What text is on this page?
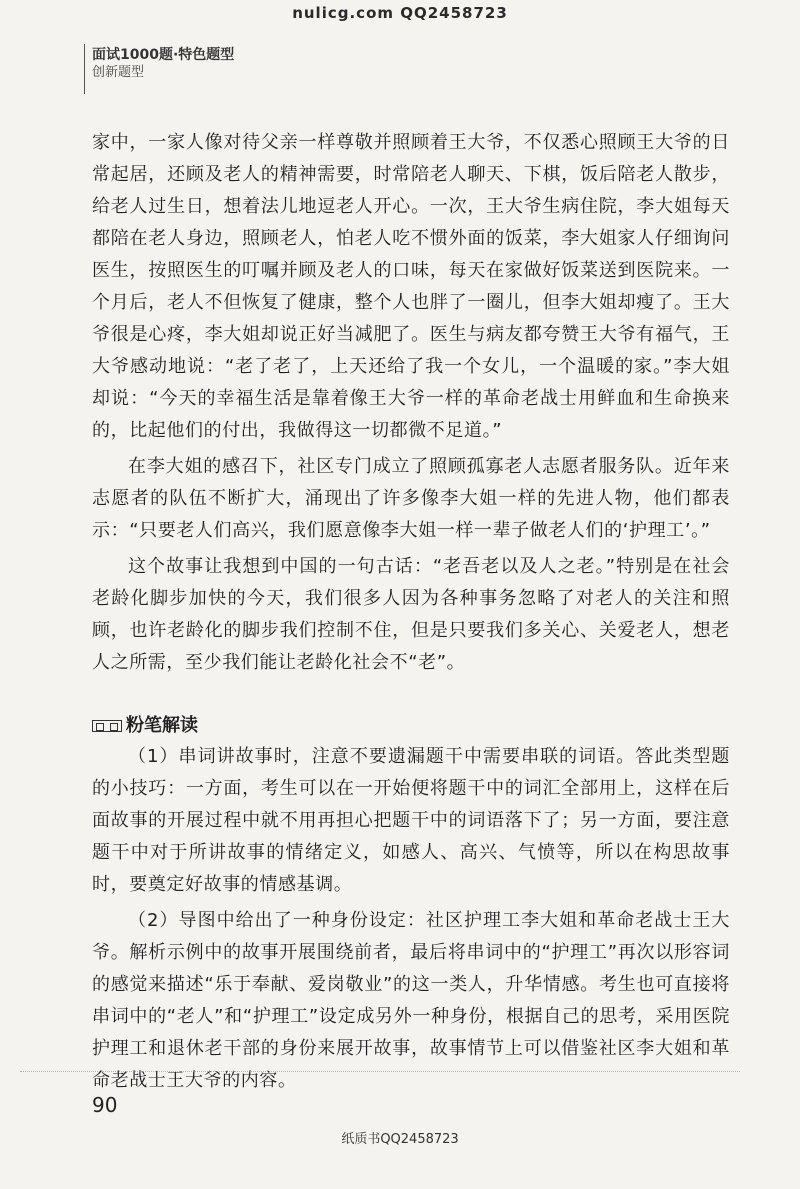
nulicg.com QQ2458723
面试1000题·特色题型
创新题型

家中，一家人像对待父亲一样尊敬并照顾着王大爷，不仅悉心照顾王大爷的日常起居，还顾及老人的精神需要，时常陪老人聊天、下棋，饭后陪老人散步，给老人过生日，想着法儿地逗老人开心。一次，王大爷生病住院，李大姐每天都陪在老人身边，照顾老人，怕老人吃不惯外面的饭菜，李大姐家人仔细询问医生，按照医生的叮嘱并顾及老人的口味，每天在家做好饭菜送到医院来。一个月后，老人不但恢复了健康，整个人也胖了一圈儿，但李大姐却瘦了。王大爷很是心疼，李大姐却说正好当减肥了。医生与病友都夸赞王大爷有福气，王大爷感动地说：“老了老了，上天还给了我一个女儿，一个温暖的家。”李大姐却说：“今天的幸福生活是靠着像王大爷一样的革命老战士用鲜血和生命换来的，比起他们的付出，我做得这一切都微不足道。”

在李大姐的感召下，社区专门成立了照顾孤寡老人志愿者服务队。近年来志愿者的队伍不断扩大，涌现出了许多像李大姐一样的先进人物，他们都表示：“只要老人们高兴，我们愿意像李大姐一样一辈子做老人们的‘护理工’。”

这个故事让我想到中国的一句古话：“老吾老以及人之老。”特别是在社会老龄化脚步加快的今天，我们很多人因为各种事务忽略了对老人的关注和照顾，也许老龄化的脚步我们控制不住，但是只要我们多关心、关爱老人，想老人之所需，至少我们能让老龄化社会不“老”。

粉笔解读

（1）串词讲故事时，注意不要遗漏题干中需要串联的词语。答此类型题的小技巧：一方面，考生可以在一开始便将题干中的词汇全部用上，这样在后面故事的开展过程中就不用再担心把题干中的词语落下了；另一方面，要注意题干中对于所讲故事的情绪定义，如感人、高兴、气愤等，所以在构思故事时，要奠定好故事的情感基调。

（2）导图中给出了一种身份设定：社区护理工李大姐和革命老战士王大爷。解析示例中的故事开展围绕前者，最后将串词中的“护理工”再次以形容词的感觉来描述“乐于奉献、爱岗敬业”的这一类人，升华情感。考生也可直接将串词中的“老人”和“护理工”设定成另外一种身份，根据自己的思考，采用医院护理工和退休老干部的身份来展开故事，故事情节上可以借鉴社区李大姐和革命老战士王大爷的内容。

90
纸质书QQ2458723
